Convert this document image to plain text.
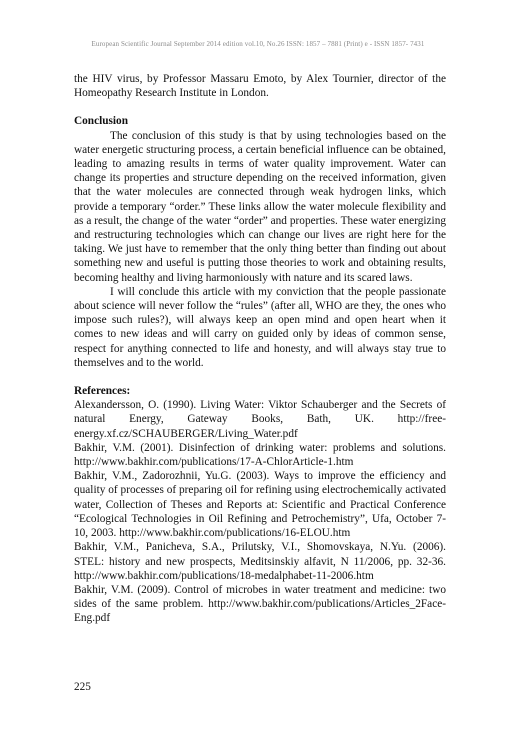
European Scientific Journal September 2014 edition vol.10, No.26 ISSN: 1857 – 7881 (Print) e - ISSN 1857- 7431

the HIV virus, by Professor Massaru Emoto, by Alex Tournier, director of the Homeopathy Research Institute in London.

Conclusion

The conclusion of this study is that by using technologies based on the water energetic structuring process, a certain beneficial influence can be obtained, leading to amazing results in terms of water quality improvement. Water can change its properties and structure depending on the received information, given that the water molecules are connected through weak hydrogen links, which provide a temporary “order.” These links allow the water molecule flexibility and as a result, the change of the water “order” and properties. These water energizing and restructuring technologies which can change our lives are right here for the taking. We just have to remember that the only thing better than finding out about something new and useful is putting those theories to work and obtaining results, becoming healthy and living harmoniously with nature and its scared laws.

I will conclude this article with my conviction that the people passionate about science will never follow the “rules” (after all, WHO are they, the ones who impose such rules?), will always keep an open mind and open heart when it comes to new ideas and will carry on guided only by ideas of common sense, respect for anything connected to life and honesty, and will always stay true to themselves and to the world.

References:

Alexandersson, O. (1990). Living Water: Viktor Schauberger and the Secrets of natural Energy, Gateway Books, Bath, UK. http://free-energy.xf.cz/SCHAUBERGER/Living_Water.pdf

Bakhir, V.M. (2001). Disinfection of drinking water: problems and solutions. http://www.bakhir.com/publications/17-A-ChlorArticle-1.htm

Bakhir, V.M., Zadorozhnii, Yu.G. (2003). Ways to improve the efficiency and quality of processes of preparing oil for refining using electrochemically activated water, Collection of Theses and Reports at: Scientific and Practical Conference “Ecological Technologies in Oil Refining and Petrochemistry”, Ufa, October 7-10, 2003. http://www.bakhir.com/publications/16-ELOU.htm

Bakhir, V.M., Panicheva, S.A., Prilutsky, V.I., Shomovskaya, N.Yu. (2006). STEL: history and new prospects, Meditsinskiy alfavit, N 11/2006, pp. 32-36. http://www.bakhir.com/publications/18-medalphabet-11-2006.htm

Bakhir, V.M. (2009). Control of microbes in water treatment and medicine: two sides of the same problem. http://www.bakhir.com/publications/Articles_2Face-Eng.pdf

225
